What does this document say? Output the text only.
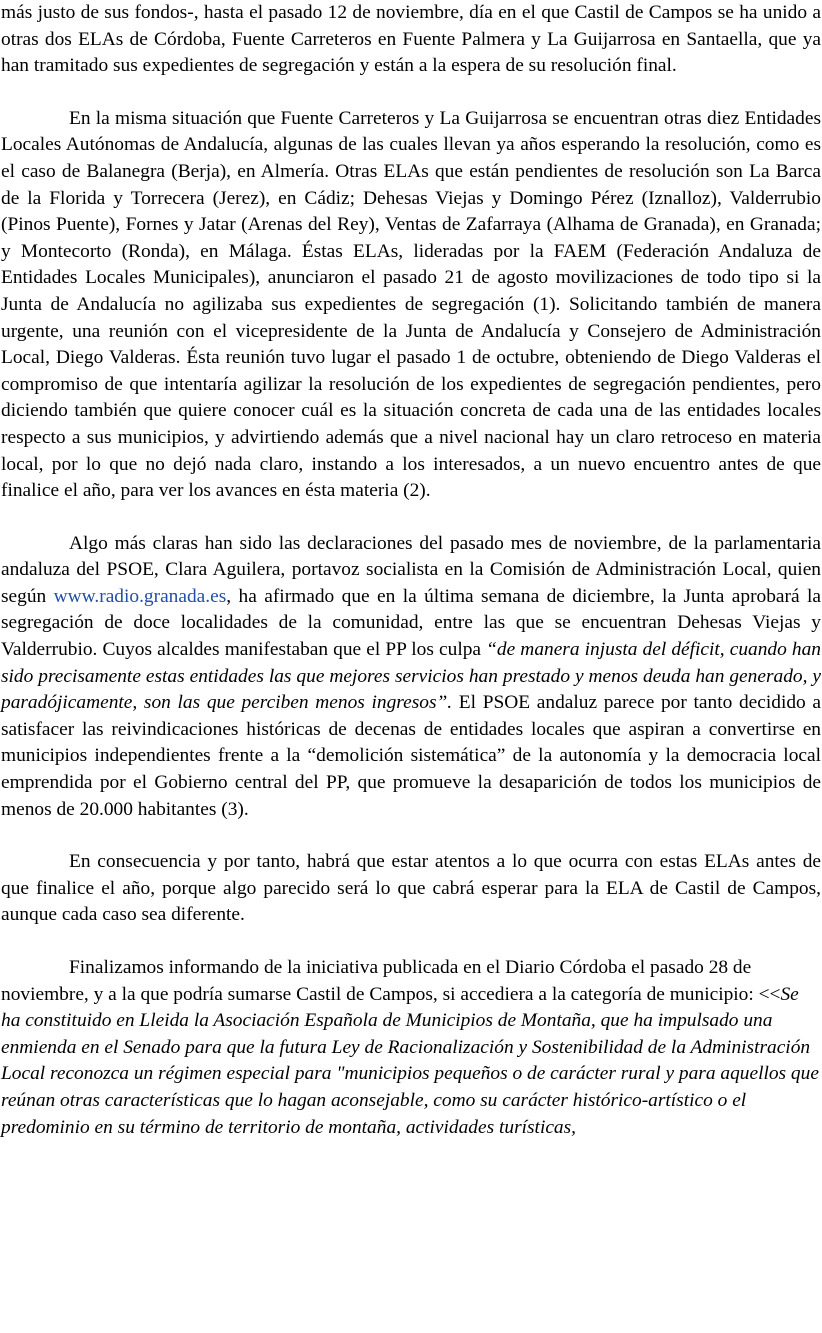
más justo de sus fondos-, hasta el pasado 12 de noviembre, día en el que Castil de Campos se ha unido a otras dos ELAs de Córdoba, Fuente Carreteros en Fuente Palmera y La Guijarrosa en Santaella, que ya han tramitado sus expedientes de segregación y están a la espera de su resolución final.

En la misma situación que Fuente Carreteros y La Guijarrosa se encuentran otras diez Entidades Locales Autónomas de Andalucía, algunas de las cuales llevan ya años esperando la resolución, como es el caso de Balanegra (Berja), en Almería. Otras ELAs que están pendientes de resolución son La Barca de la Florida y Torrecera (Jerez), en Cádiz; Dehesas Viejas y Domingo Pérez (Iznalloz), Valderrubio (Pinos Puente), Fornes y Jatar (Arenas del Rey), Ventas de Zafarraya (Alhama de Granada), en Granada; y Montecorto (Ronda), en Málaga. Éstas ELAs, lideradas por la FAEM (Federación Andaluza de Entidades Locales Municipales), anunciaron el pasado 21 de agosto movilizaciones de todo tipo si la Junta de Andalucía no agilizaba sus expedientes de segregación (1). Solicitando también de manera urgente, una reunión con el vicepresidente de la Junta de Andalucía y Consejero de Administración Local, Diego Valderas. Ésta reunión tuvo lugar el pasado 1 de octubre, obteniendo de Diego Valderas el compromiso de que intentaría agilizar la resolución de los expedientes de segregación pendientes, pero diciendo también que quiere conocer cuál es la situación concreta de cada una de las entidades locales respecto a sus municipios, y advirtiendo además que a nivel nacional hay un claro retroceso en materia local, por lo que no dejó nada claro, instando a los interesados, a un nuevo encuentro antes de que finalice el año, para ver los avances en ésta materia (2).

Algo más claras han sido las declaraciones del pasado mes de noviembre, de la parlamentaria andaluza del PSOE, Clara Aguilera, portavoz socialista en la Comisión de Administración Local, quien según www.radio.granada.es, ha afirmado que en la última semana de diciembre, la Junta aprobará la segregación de doce localidades de la comunidad, entre las que se encuentran Dehesas Viejas y Valderrubio. Cuyos alcaldes manifestaban que el PP los culpa “de manera injusta del déficit, cuando han sido precisamente estas entidades las que mejores servicios han prestado y menos deuda han generado, y paradójicamente, son las que perciben menos ingresos”. El PSOE andaluz parece por tanto decidido a satisfacer las reivindicaciones históricas de decenas de entidades locales que aspiran a convertirse en municipios independientes frente a la “demolición sistemática” de la autonomía y la democracia local emprendida por el Gobierno central del PP, que promueve la desaparición de todos los municipios de menos de 20.000 habitantes (3).

En consecuencia y por tanto, habrá que estar atentos a lo que ocurra con estas ELAs antes de que finalice el año, porque algo parecido será lo que cabrá esperar para la ELA de Castil de Campos, aunque cada caso sea diferente.

Finalizamos informando de la iniciativa publicada en el Diario Córdoba el pasado 28 de noviembre, y a la que podría sumarse Castil de Campos, si accediera a la categoría de municipio: <<Se ha constituido en Lleida la Asociación Española de Municipios de Montaña, que ha impulsado una enmienda en el Senado para que la futura Ley de Racionalización y Sostenibilidad de la Administración Local reconozca un régimen especial para "municipios pequeños o de carácter rural y para aquellos que reúnan otras características que lo hagan aconsejable, como su carácter histórico-artístico o el predominio en su término de territorio de montaña, actividades turísticas,
